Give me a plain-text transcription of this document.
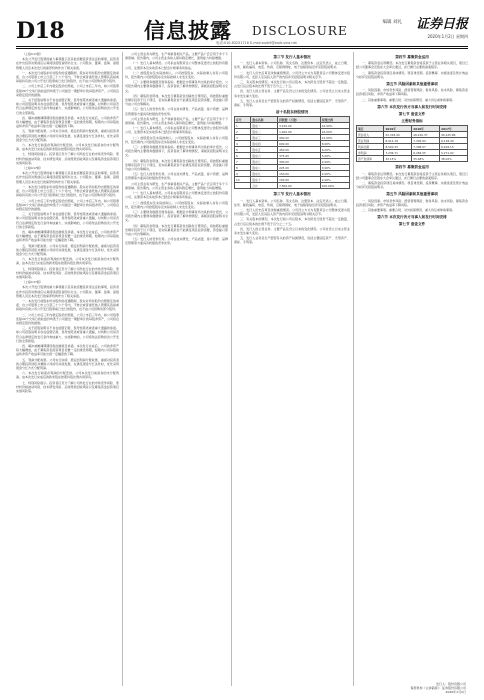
D18	信息披露 DISCLOSURE
编辑 刘礼
电话:010-83251716 E-mail:zqrb9@zqrb.sina.net
证券日报
2020年1月2日 星期四

（上接C17版）

本次公开发行股票的重大事项提示及其他需要投资者注意的事项，投资者在作出投资决策前应认真阅读招股说明书全文。公司股东、董事、监事、高级管理人员及本次发行的保荐机构作出了相关承诺。

一、本次发行前股东所持股份的流通限制、股东对所持股份自愿锁定的承诺，自公司股票上市之日起三十六个月内，不转让或者委托他人管理其直接或间接持有的公司公开发行股票前已发行的股份，也不由公司回购该部分股份。

二、公司上市后三年内稳定股价的预案，公司上市后三年内，如公司股票连续20个交易日的收盘价均低于公司最近一期经审计的每股净资产，公司将启动稳定股价的措施。

三、关于招股说明书不存在虚假记载、误导性陈述或者重大遗漏的承诺。如公司招股说明书存在虚假记载、误导性陈述或者重大遗漏，对判断公司是否符合法律规定的发行条件构成重大、实质影响的，公司将依法回购首次公开发行的全部新股。

四、填补被摊薄即期回报的措施及承诺。本次发行完成后，公司的净资产将大幅增加，由于募集资金投资项目需要一定的建设周期，短期内公司每股收益和净资产收益率可能出现一定幅度的下降。

五、利润分配政策。公司实行持续、稳定的利润分配政策，重视对投资者的合理投资回报并兼顾公司的可持续发展，在满足现金分红条件时，优先采用现金分红方式分配利润。

六、本次发行前滚存利润的分配安排。公司本次发行前滚存的未分配利润，由本次发行完成后的新老股东按照持股比例共同享有。

七、特别风险提示。投资者应充分了解公司所处行业的市场竞争风险、原材料价格波动风险、技术研发风险、应收账款回收风险以及募集资金投资项目实施风险等。

（上接C17版）

本次公开发行股票的重大事项提示及其他需要投资者注意的事项，投资者在作出投资决策前应认真阅读招股说明书全文。公司股东、董事、监事、高级管理人员及本次发行的保荐机构作出了相关承诺。

一、本次发行前股东所持股份的流通限制、股东对所持股份自愿锁定的承诺，自公司股票上市之日起三十六个月内，不转让或者委托他人管理其直接或间接持有的公司公开发行股票前已发行的股份，也不由公司回购该部分股份。

二、公司上市后三年内稳定股价的预案，公司上市后三年内，如公司股票连续20个交易日的收盘价均低于公司最近一期经审计的每股净资产，公司将启动稳定股价的措施。

三、关于招股说明书不存在虚假记载、误导性陈述或者重大遗漏的承诺。如公司招股说明书存在虚假记载、误导性陈述或者重大遗漏，对判断公司是否符合法律规定的发行条件构成重大、实质影响的，公司将依法回购首次公开发行的全部新股。

四、填补被摊薄即期回报的措施及承诺。本次发行完成后，公司的净资产将大幅增加，由于募集资金投资项目需要一定的建设周期，短期内公司每股收益和净资产收益率可能出现一定幅度的下降。

五、利润分配政策。公司实行持续、稳定的利润分配政策，重视对投资者的合理投资回报并兼顾公司的可持续发展，在满足现金分红条件时，优先采用现金分红方式分配利润。

六、本次发行前滚存利润的分配安排。公司本次发行前滚存的未分配利润，由本次发行完成后的新老股东按照持股比例共同享有。

七、特别风险提示。投资者应充分了解公司所处行业的市场竞争风险、原材料价格波动风险、技术研发风险、应收账款回收风险以及募集资金投资项目实施风险等。

（上接C17版）

本次公开发行股票的重大事项提示及其他需要投资者注意的事项，投资者在作出投资决策前应认真阅读招股说明书全文。公司股东、董事、监事、高级管理人员及本次发行的保荐机构作出了相关承诺。

一、本次发行前股东所持股份的流通限制、股东对所持股份自愿锁定的承诺，自公司股票上市之日起三十六个月内，不转让或者委托他人管理其直接或间接持有的公司公开发行股票前已发行的股份，也不由公司回购该部分股份。

二、公司上市后三年内稳定股价的预案，公司上市后三年内，如公司股票连续20个交易日的收盘价均低于公司最近一期经审计的每股净资产，公司将启动稳定股价的措施。

三、关于招股说明书不存在虚假记载、误导性陈述或者重大遗漏的承诺。如公司招股说明书存在虚假记载、误导性陈述或者重大遗漏，对判断公司是否符合法律规定的发行条件构成重大、实质影响的，公司将依法回购首次公开发行的全部新股。

四、填补被摊薄即期回报的措施及承诺。本次发行完成后，公司的净资产将大幅增加，由于募集资金投资项目需要一定的建设周期，短期内公司每股收益和净资产收益率可能出现一定幅度的下降。

五、利润分配政策。公司实行持续、稳定的利润分配政策，重视对投资者的合理投资回报并兼顾公司的可持续发展，在满足现金分红条件时，优先采用现金分红方式分配利润。

六、本次发行前滚存利润的分配安排。公司本次发行前滚存的未分配利润，由本次发行完成后的新老股东按照持股比例共同享有。

七、特别风险提示。投资者应充分了解公司所处行业的市场竞争风险、原材料价格波动风险、技术研发风险、应收账款回收风险以及募集资金投资项目实施风险等。

公司主营业务为研发、生产和销售相关产品，主要产品广泛应用于多个下游领域。报告期内，公司主营业务收入保持稳定增长，盈利能力持续增强。

（一）发行人基本情况。公司系由有限责任公司整体变更设立的股份有限公司，注册资本及实收资本已经会计师事务所验证。

（二）控股股东及实际控制人。公司控股股东、实际控制人持有公司股份，报告期内公司控股股东及实际控制人未发生变化。

（三）主要财务数据及财务指标。根据会计师事务所出具的审计报告，公司报告期内主要财务数据如下，投资者欲了解详细情况，请阅读招股说明书全文。

（四）募集资金用途。本次发行募集资金扣除发行费用后，将按照轻重缓急顺序投资于以下项目，若实际募集资金不能满足项目投资需要，资金缺口部分由公司自筹解决。

（五）发行人的竞争优势。公司在技术研发、产品质量、客户资源、品牌及管理等方面具有较强的竞争优势。

公司主营业务为研发、生产和销售相关产品，主要产品广泛应用于多个下游领域。报告期内，公司主营业务收入保持稳定增长，盈利能力持续增强。

（一）发行人基本情况。公司系由有限责任公司整体变更设立的股份有限公司，注册资本及实收资本已经会计师事务所验证。

（二）控股股东及实际控制人。公司控股股东、实际控制人持有公司股份，报告期内公司控股股东及实际控制人未发生变化。

（三）主要财务数据及财务指标。根据会计师事务所出具的审计报告，公司报告期内主要财务数据如下，投资者欲了解详细情况，请阅读招股说明书全文。

（四）募集资金用途。本次发行募集资金扣除发行费用后，将按照轻重缓急顺序投资于以下项目，若实际募集资金不能满足项目投资需要，资金缺口部分由公司自筹解决。

（五）发行人的竞争优势。公司在技术研发、产品质量、客户资源、品牌及管理等方面具有较强的竞争优势。

公司主营业务为研发、生产和销售相关产品，主要产品广泛应用于多个下游领域。报告期内，公司主营业务收入保持稳定增长，盈利能力持续增强。

（一）发行人基本情况。公司系由有限责任公司整体变更设立的股份有限公司，注册资本及实收资本已经会计师事务所验证。

（二）控股股东及实际控制人。公司控股股东、实际控制人持有公司股份，报告期内公司控股股东及实际控制人未发生变化。

（三）主要财务数据及财务指标。根据会计师事务所出具的审计报告，公司报告期内主要财务数据如下，投资者欲了解详细情况，请阅读招股说明书全文。

（四）募集资金用途。本次发行募集资金扣除发行费用后，将按照轻重缓急顺序投资于以下项目，若实际募集资金不能满足项目投资需要，资金缺口部分由公司自筹解决。

（五）发行人的竞争优势。公司在技术研发、产品质量、客户资源、品牌及管理等方面具有较强的竞争优势。

第三节 发行人基本情况

一、发行人基本资料。公司名称、英文名称、注册资本、法定代表人、成立日期、住所、邮政编码、电话、传真、互联网网址、电子信箱等信息详见招股说明书。

二、发行人历史沿革及改制重组情况。公司设立方式为有限责任公司整体变更为股份有限公司，发起人及其投入资产的内容详见招股说明书相关章节。

三、有关股本的情况。本次发行前公司总股本，本次拟发行股份不超过一定数量，占发行后总股本的比例不低于百分之二十五。

四、发行人的主营业务、主要产品及设立以来的变化情况。公司自设立以来主营业务未发生重大变化。

五、发行人业务及生产经营有关的资产权属情况，包括主要固定资产、无形资产、商标、专利等。

前十名股东持股情况
序号	股东名称	持股数（万股）	持股比例
1	股东一	3,150.00	42.00%
2	股东二	1,200.00	16.00%
3	股东三	900.00	12.00%
4	股东四	600.00	8.00%
5	股东五	450.00	6.00%
6	股东六	375.00	5.00%
7	股东七	300.00	4.00%
8	股东八	225.00	3.00%
9	股东九	150.00	2.00%
10	股东十	150.00	2.00%
	合计	7,500.00	100.00%
第三节 发行人基本情况

一、发行人基本资料。公司名称、英文名称、注册资本、法定代表人、成立日期、住所、邮政编码、电话、传真、互联网网址、电子信箱等信息详见招股说明书。

二、发行人历史沿革及改制重组情况。公司设立方式为有限责任公司整体变更为股份有限公司，发起人及其投入资产的内容详见招股说明书相关章节。

三、有关股本的情况。本次发行前公司总股本，本次拟发行股份不超过一定数量，占发行后总股本的比例不低于百分之二十五。

四、发行人的主营业务、主要产品及设立以来的变化情况。公司自设立以来主营业务未发生重大变化。

五、发行人业务及生产经营有关的资产权属情况，包括主要固定资产、无形资产、商标、专利等。

第四节 募集资金运用

一、募集资金运用概况。本次发行募集资金将投资于主营业务相关项目，项目已经公司董事会及股东大会审议通过，并已履行必要的备案程序。

二、募集资金投资项目具体情况。项目建设期、投资概算、实施进度及预计效益分析详见招股说明书。

第五节 风险因素和其他重要事项

一、风险因素。市场竞争风险、经营管理风险、财务风险、技术风险、募集资金投资项目风险、净资产收益率下降风险。

二、其他重要事项。重要合同、对外担保情况、重大诉讼或仲裁事项。

第六节 本次发行各方当事人和发行时间安排
第七节 备查文件
主要财务指标
项目	2019年	2018年	2017年
营业收入	52,318.44	46,210.37	40,125.86
营业利润	8,412.19	7,305.62	6,118.40
利润总额	8,520.33	7,398.07	6,204.15
净利润	7,236.71	6,284.55	5,271.92
资产负债率	32.15%	35.48%	38.02%
第四节 募集资金运用

一、募集资金运用概况。本次发行募集资金将投资于主营业务相关项目，项目已经公司董事会及股东大会审议通过，并已履行必要的备案程序。

二、募集资金投资项目具体情况。项目建设期、投资概算、实施进度及预计效益分析详见招股说明书。

第五节 风险因素和其他重要事项

一、风险因素。市场竞争风险、经营管理风险、财务风险、技术风险、募集资金投资项目风险、净资产收益率下降风险。

二、其他重要事项。重要合同、对外担保情况、重大诉讼或仲裁事项。

第六节 本次发行各方当事人和发行时间安排
第七节 备查文件
发行人：股份有限公司
保荐机构（主承销商）：证券股份有限公司
2020年1月2日
